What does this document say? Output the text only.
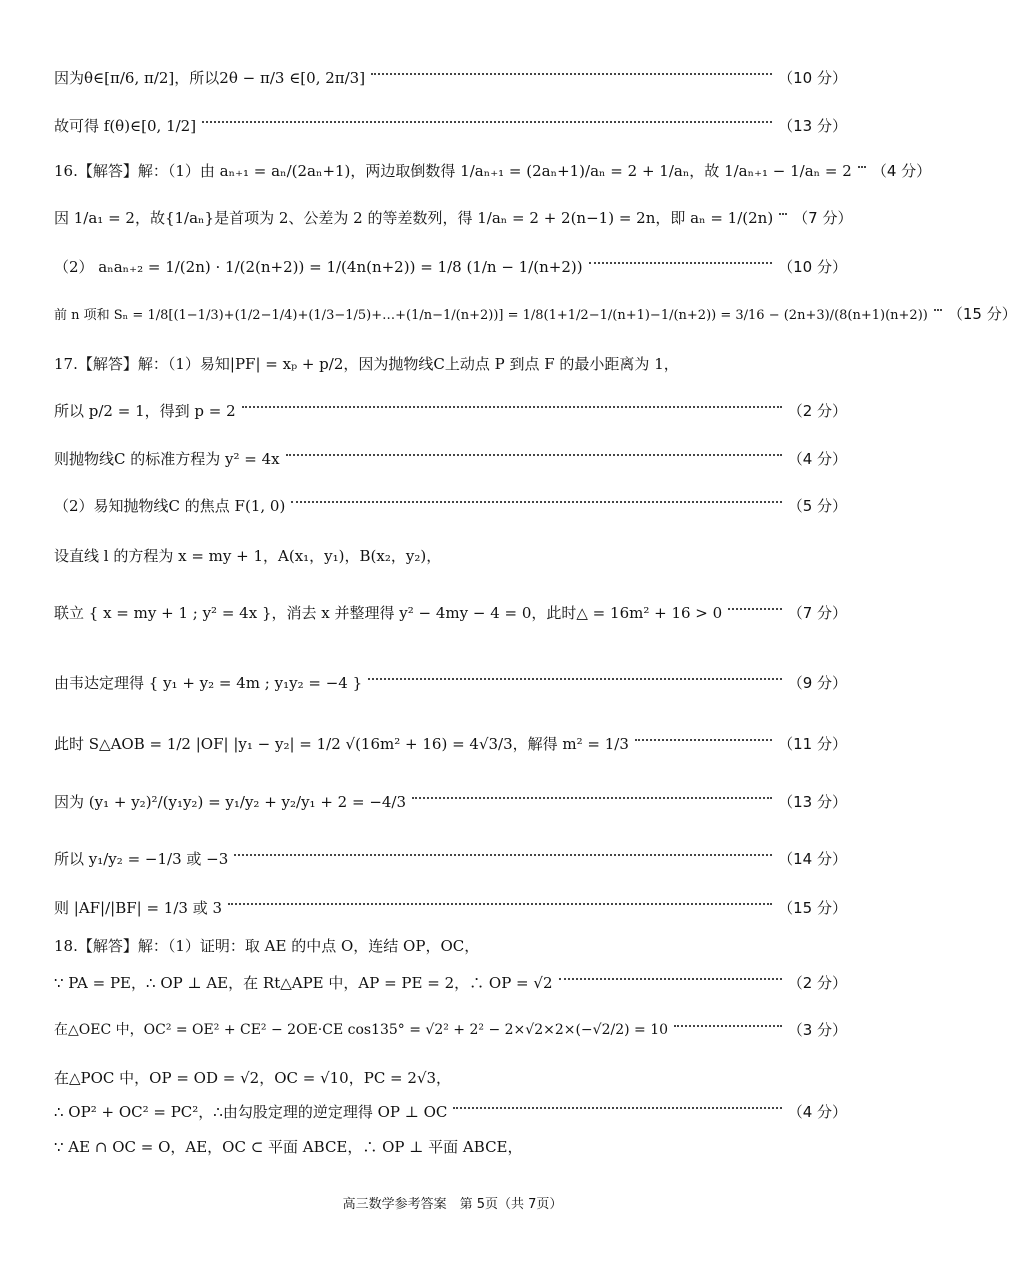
因为θ∈[π/6, π/2]，所以2θ − π/3 ∈[0, 2π/3]	（10 分）
故可得 f(θ)∈[0, 1/2]	（13 分）
16.【解答】解：（1）由 aₙ₊₁ = aₙ/(2aₙ+1)，两边取倒数得 1/aₙ₊₁ = (2aₙ+1)/aₙ = 2 + 1/aₙ，故 1/aₙ₊₁ − 1/aₙ = 2 （4 分）
因 1/a₁ = 2，故{1/aₙ}是首项为 2、公差为 2 的等差数列，得 1/aₙ = 2 + 2(n−1) = 2n，即 aₙ = 1/(2n) （7 分）
（2） aₙaₙ₊₂ = 1/(2n) · 1/(2(n+2)) = 1/(4n(n+2)) = 1/8 (1/n − 1/(n+2))	（10 分）
前 n 项和 Sₙ = 1/8[(1−1/3)+(1/2−1/4)+(1/3−1/5)+…+(1/n−1/(n+2))] = 1/8(1+1/2−1/(n+1)−1/(n+2)) = 3/16 − (2n+3)/(8(n+1)(n+2)) （15 分）
17.【解答】解：（1）易知|PF| = xₚ + p/2，因为抛物线C上动点 P 到点 F 的最小距离为 1，
所以 p/2 = 1，得到 p = 2	（2 分）
则抛物线C 的标准方程为 y² = 4x	（4 分）
（2）易知抛物线C 的焦点 F(1, 0)	（5 分）
设直线 l 的方程为 x = my + 1，A(x₁，y₁)，B(x₂，y₂)，
联立 { x = my + 1 ; y² = 4x }，消去 x 并整理得 y² − 4my − 4 = 0，此时△ = 16m² + 16 > 0	（7 分）
由韦达定理得 { y₁ + y₂ = 4m ; y₁y₂ = −4 }	（9 分）
此时 S△AOB = 1/2 |OF| |y₁ − y₂| = 1/2 √(16m² + 16) = 4√3/3，解得 m² = 1/3	（11 分）
因为 (y₁ + y₂)²/(y₁y₂) = y₁/y₂ + y₂/y₁ + 2 = −4/3	（13 分）
所以 y₁/y₂ = −1/3 或 −3	（14 分）
则 |AF|/|BF| = 1/3 或 3	（15 分）
18.【解答】解：（1）证明：取 AE 的中点 O，连结 OP，OC，
∵ PA = PE，∴ OP ⊥ AE，在 Rt△APE 中，AP = PE = 2，∴ OP = √2	（2 分）
在△OEC 中，OC² = OE² + CE² − 2OE·CE cos135° = √2² + 2² − 2×√2×2×(−√2/2) = 10	（3 分）
在△POC 中，OP = OD = √2，OC = √10，PC = 2√3，
∴ OP² + OC² = PC²，∴由勾股定理的逆定理得 OP ⊥ OC	（4 分）
∵ AE ∩ OC = O，AE，OC ⊂ 平面 ABCE，∴ OP ⊥ 平面 ABCE，
高三数学参考答案　第 5页（共 7页）
